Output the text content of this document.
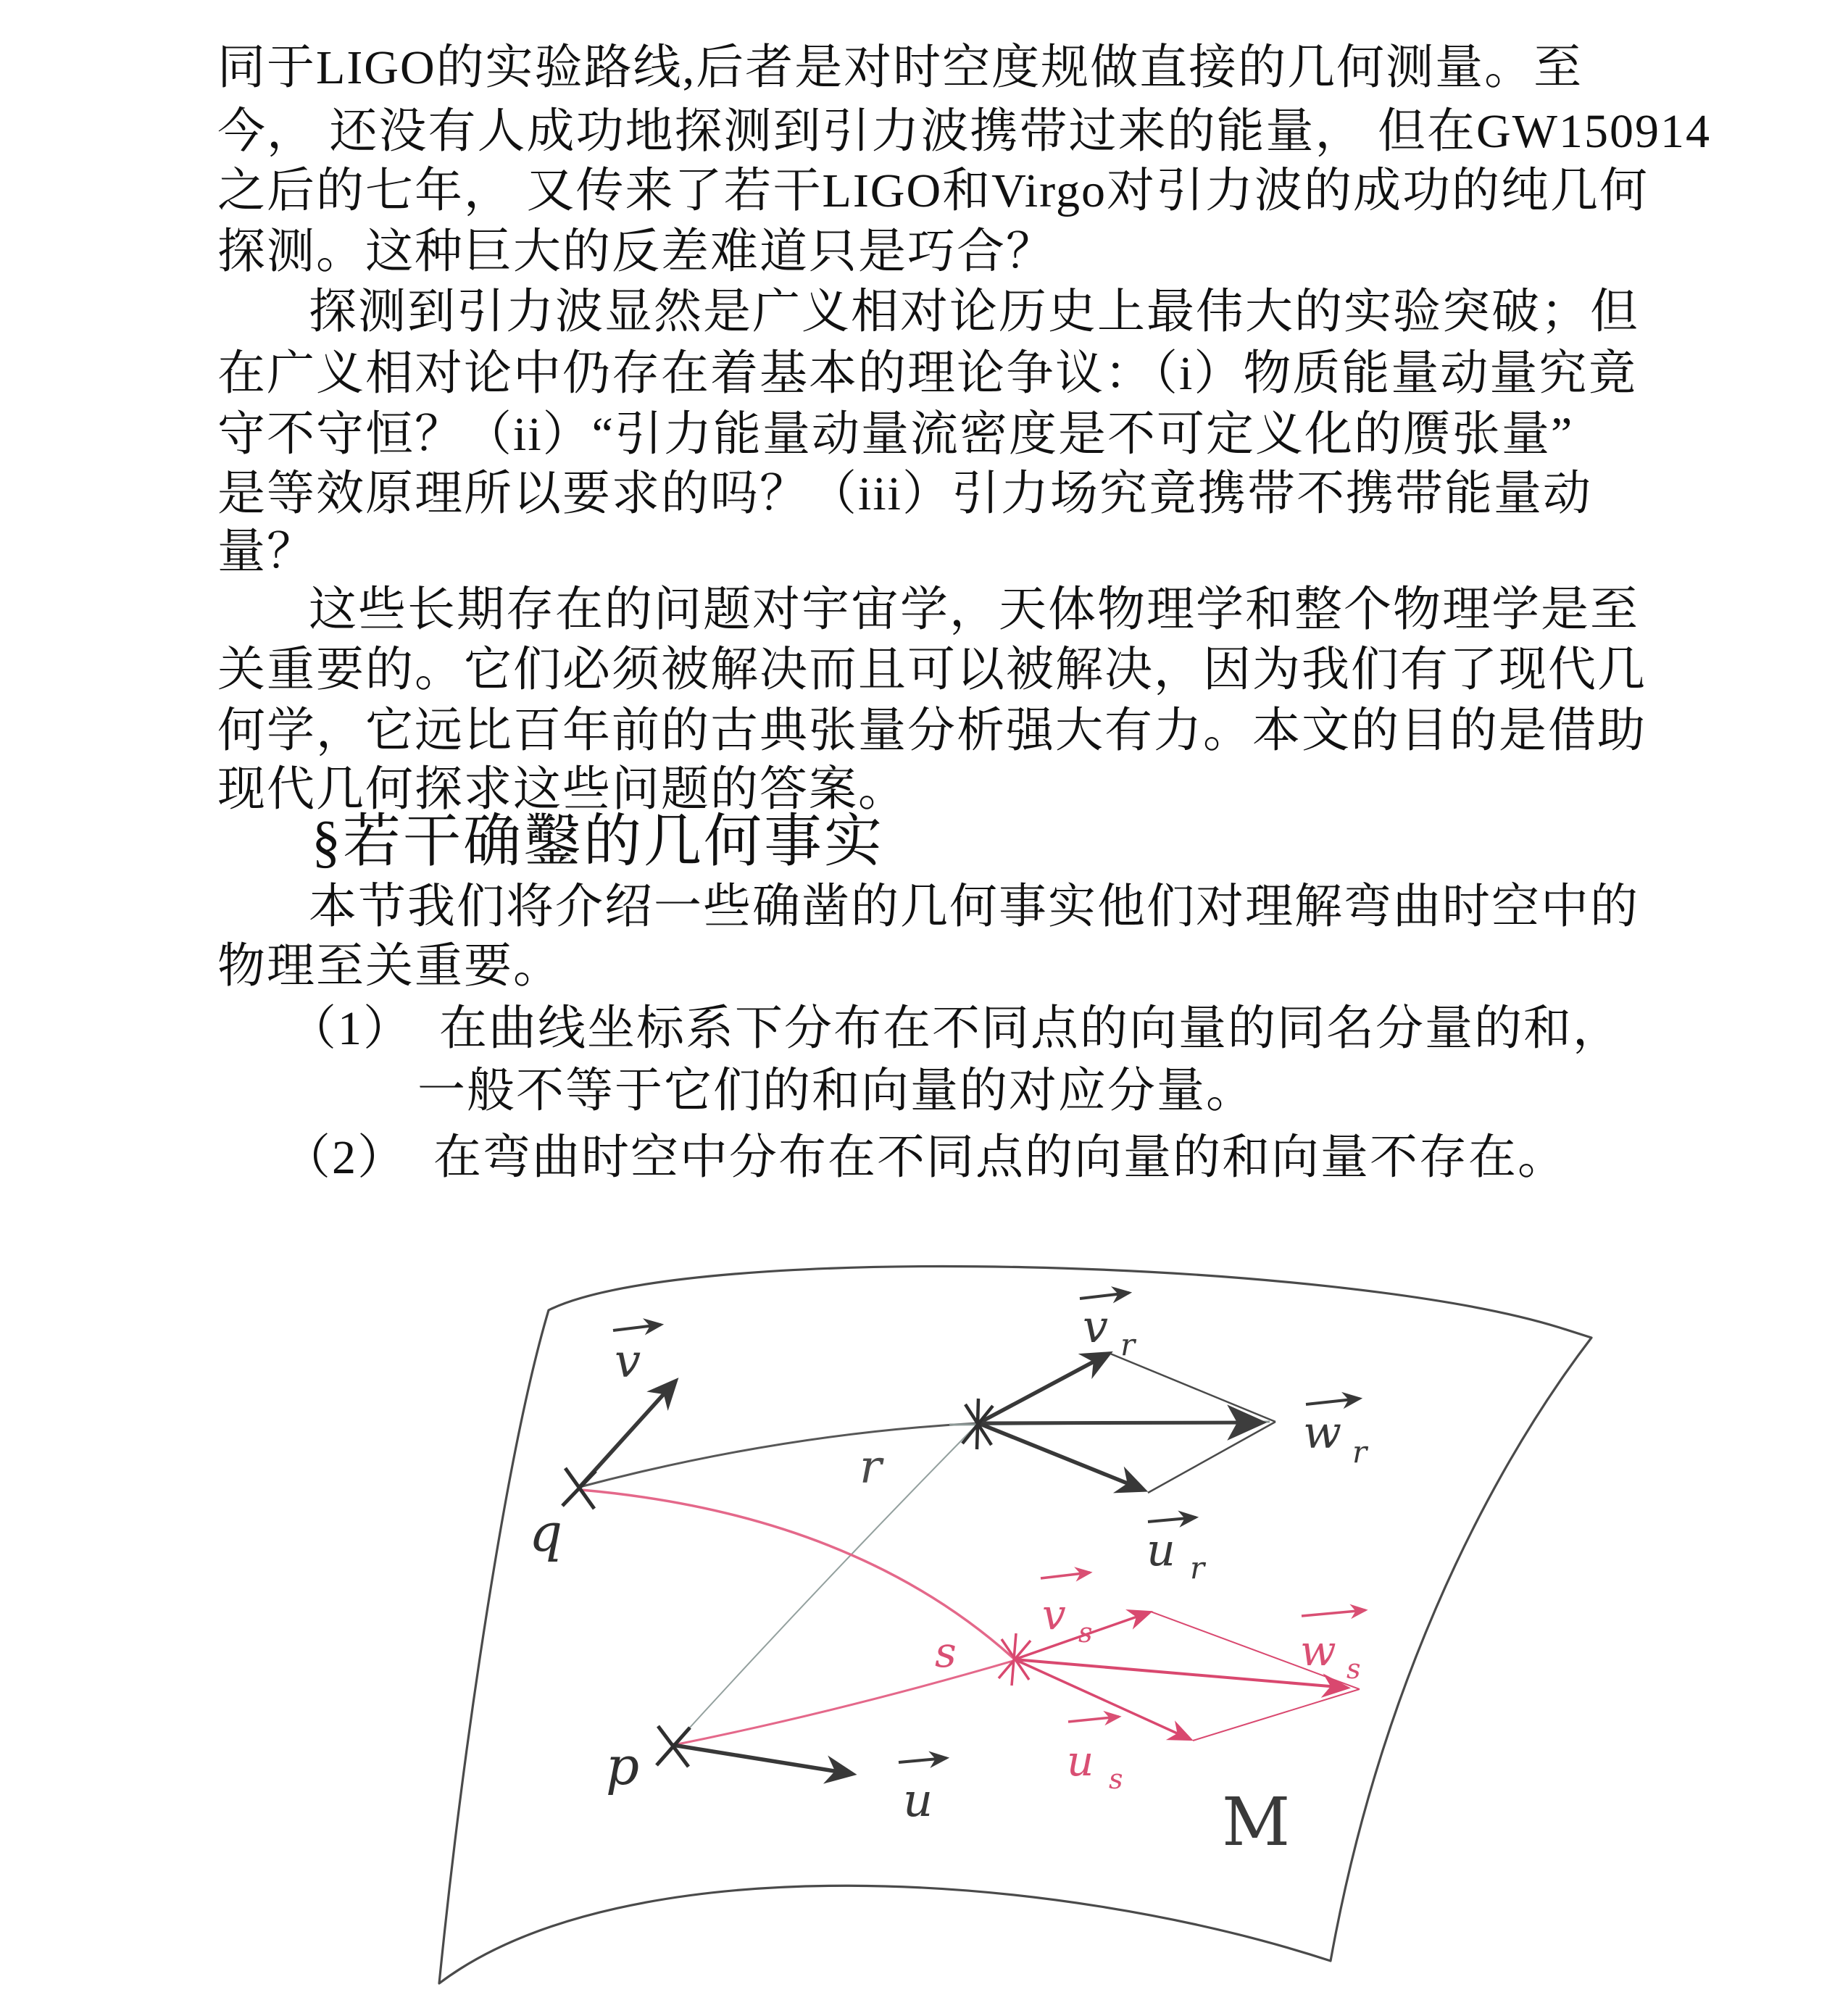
同于LIGO的实验路线,后者是对时空度规做直接的几何测量。至
今， 还没有人成功地探测到引力波携带过来的能量， 但在GW150914
之后的七年， 又传来了若干LIGO和Virgo对引力波的成功的纯几何
探测。这种巨大的反差难道只是巧合？
探测到引力波显然是广义相对论历史上最伟大的实验突破；但
在广义相对论中仍存在着基本的理论争议：（i）物质能量动量究竟
守不守恒？（ii）“引力能量动量流密度是不可定义化的赝张量”
是等效原理所以要求的吗？（iii）引力场究竟携带不携带能量动
量？
这些长期存在的问题对宇宙学，天体物理学和整个物理学是至
关重要的。它们必须被解决而且可以被解决，因为我们有了现代几
何学，它远比百年前的古典张量分析强大有力。本文的目的是借助
现代几何探求这些问题的答案。
§若干确鑿的几何事实
本节我们将介绍一些确凿的几何事实他们对理解弯曲时空中的
物理至关重要。
（1）  在曲线坐标系下分布在不同点的向量的同名分量的和，
一般不等于它们的和向量的对应分量。
（2）  在弯曲时空中分布在不同点的向量的和向量不存在。
q
p
r
s
v
u
v r
w r
u r
v s	w s
u s
M
